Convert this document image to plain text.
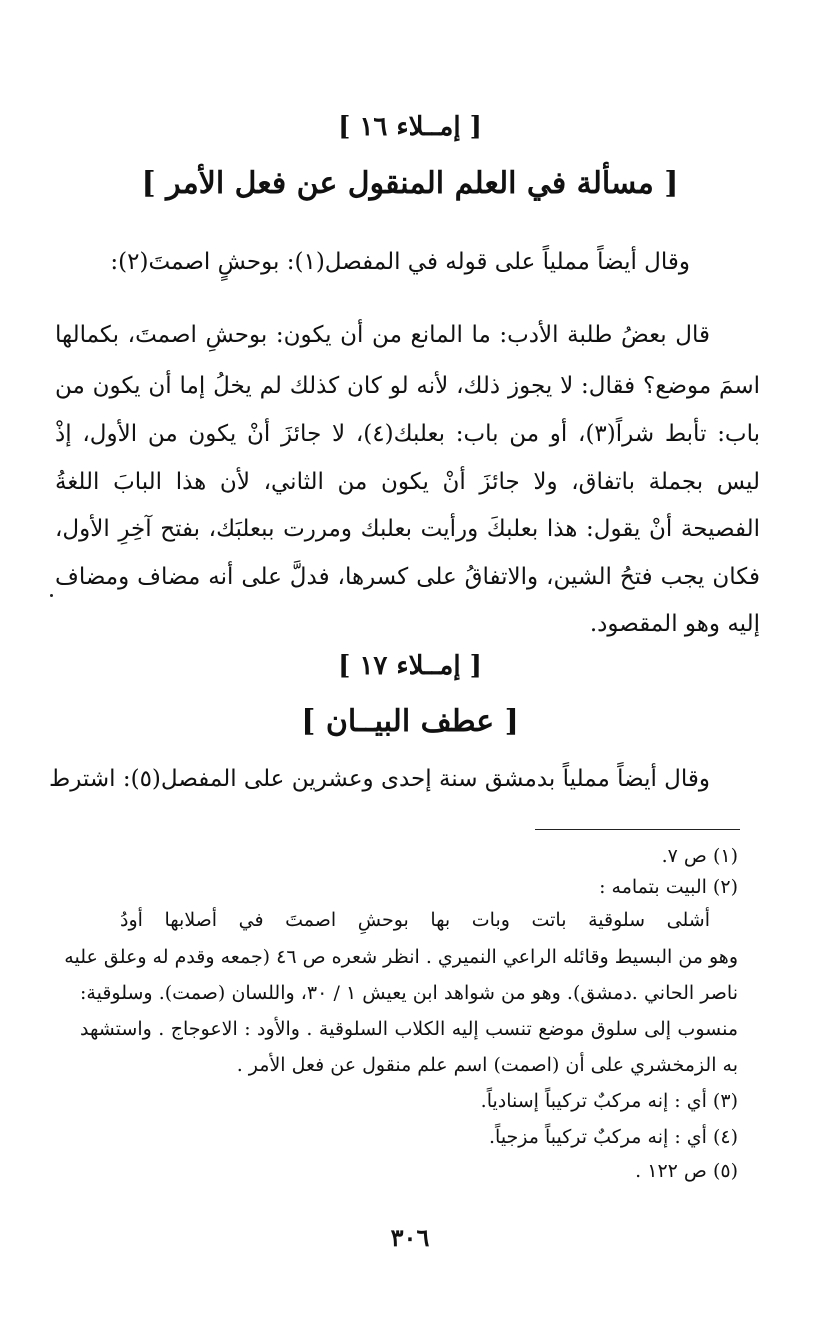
[ إمــلاء ١٦ ]
[ مسألة في العلم المنقول عن فعل الأمر ]
وقال أيضاً مملياً على قوله في المفصل(١): بوحشٍ اصمتَ(٢):
قال بعضُ طلبة الأدب: ما المانع من أن يكون: بوحشِ اصمتَ، بكمالها
اسمَ موضع؟ فقال: لا يجوز ذلك، لأنه لو كان كذلك لم يخلُ إما أن يكون من
باب: تأبط شراً(٣)، أو من باب: بعلبك(٤)، لا جائزَ أنْ يكون من الأول، إذْ
ليس بجملة باتفاق، ولا جائزَ أنْ يكون من الثاني، لأن هذا البابَ اللغةُ
الفصيحة أنْ يقول: هذا بعلبكَ ورأيت بعلبك ومررت ببعلبَك، بفتح آخِرِ الأول،
فكان يجب فتحُ الشين، والاتفاقُ على كسرها، فدلَّ على أنه مضاف ومضاف
إليه وهو المقصود.
[ إمــلاء ١٧ ]
[ عطف البيــان ]
وقال أيضاً مملياً بدمشق سنة إحدى وعشرين على المفصل(٥): اشترط
(١) ص ٧.
(٢) البيت بتمامه :
أشلى سلوقية باتت وبات بها بوحشِ اصمتَ في أصلابها أودُ
وهو من البسيط وقائله الراعي النميري . انظر شعره ص ٤٦ (جمعه وقدم له وعلق عليه
ناصر الحاني .دمشق). وهو من شواهد ابن يعيش ١ / ٣٠، واللسان (صمت). وسلوقية:
منسوب إلى سلوق موضع تنسب إليه الكلاب السلوقية . والأود : الاعوجاج . واستشهد
به الزمخشري على أن (اصمت) اسم علم منقول عن فعل الأمر .
(٣) أي : إنه مركبٌ تركيباً إسنادياً.
(٤) أي : إنه مركبٌ تركيباً مزجياً.
(٥) ص ١٢٢ .
٣٠٦
